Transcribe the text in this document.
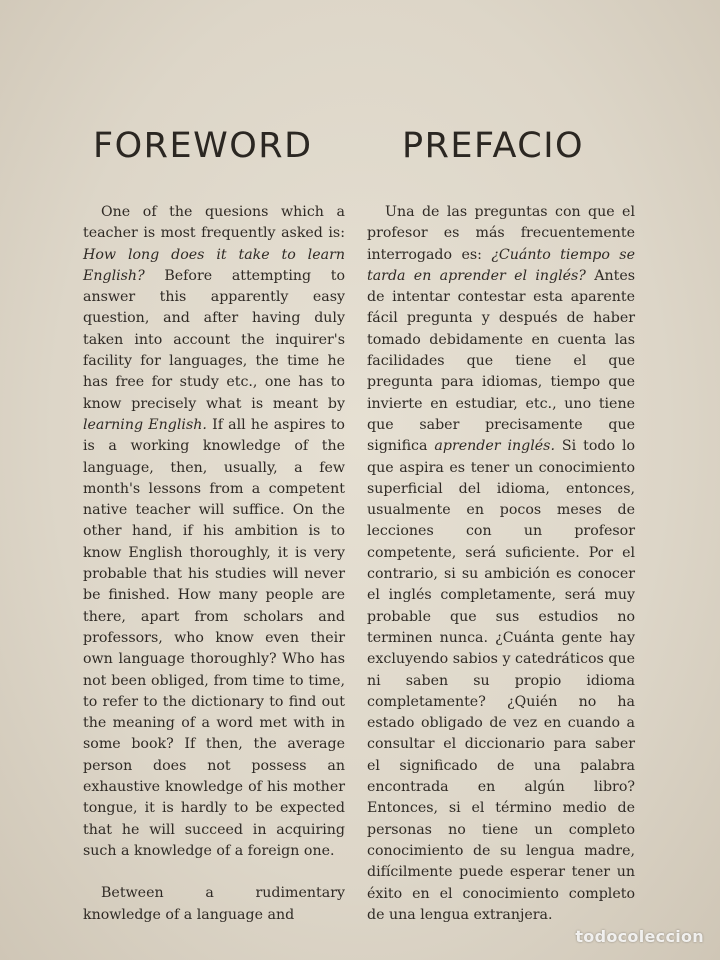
FOREWORD	PREFACIO

One of the quesions which a teacher is most frequently asked is: How long does it take to learn English? Before attempting to answer this apparently easy question, and after having duly taken into account the inquirer's facility for languages, the time he has free for study etc., one has to know precisely what is meant by learning English. If all he aspires to is a working knowledge of the language, then, usually, a few month's lessons from a competent native teacher will suffice. On the other hand, if his ambition is to know English thoroughly, it is very probable that his studies will never be finished. How many people are there, apart from scholars and professors, who know even their own language thoroughly? Who has not been obliged, from time to time, to refer to the dictionary to find out the meaning of a word met with in some book? If then, the average person does not possess an exhaustive knowledge of his mother tongue, it is hardly to be expected that he will succeed in acquiring such a knowledge of a foreign one.

Between a rudimentary knowledge of a language and

Una de las preguntas con que el profesor es más frecuentemente interrogado es: ¿Cuánto tiempo se tarda en aprender el inglés? Antes de intentar contestar esta aparente fácil pregunta y después de haber tomado debidamente en cuenta las facilidades que tiene el que pregunta para idiomas, tiempo que invierte en estudiar, etc., uno tiene que saber precisamente que significa aprender inglés. Si todo lo que aspira es tener un conocimiento superficial del idioma, entonces, usualmente en pocos meses de lecciones con un profesor competente, será suficiente. Por el contrario, si su ambición es conocer el inglés completamente, será muy probable que sus estudios no terminen nunca. ¿Cuánta gente hay excluyendo sabios y catedráticos que ni saben su propio idioma completamente? ¿Quién no ha estado obligado de vez en cuando a consultar el diccionario para saber el significado de una palabra encontrada en algún libro? Entonces, si el término medio de personas no tiene un completo conocimiento de su lengua madre, difícilmente puede esperar tener un éxito en el conocimiento completo de una lengua extranjera.

todocoleccion
